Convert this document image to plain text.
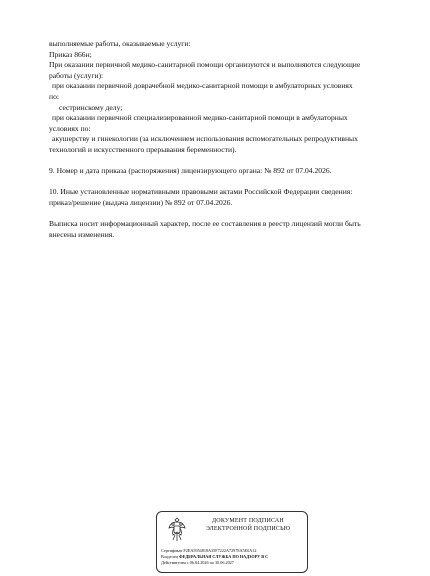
выполняемые работы, оказываемые услуги:

Приказ 866н;

При оказании первичной медико-санитарной помощи организуются и выполняются следующие

работы (услуги):

при оказании первичной доврачебной медико-санитарной помощи в амбулаторных условиях

по:

сестринскому делу;

при оказании первичной специализированной медико-санитарной помощи в амбулаторных

условиях по:

акушерству и гинекологии (за исключением использования вспомогательных репродуктивных

технологий и искусственного прерывания беременности).

9. Номер и дата приказа (распоряжения) лицензирующего органа: № 892 от 07.04.2026.

10. Иные установленные нормативными правовыми актами Российской Федерации сведения:

приказ/решение (выдача лицензии) № 892 от 07.04.2026.

Выписка носит информационный характер, после ее составления в реестр лицензий могли быть

внесены изменения.

ДОКУМЕНТ ПОДПИСАН
ЭЛЕКТРОННОЙ ПОДПИСЬЮ
Сертификат F2EA5954818A35F7222A72978A5E0A12
Владелец ФЕДЕРАЛЬНАЯ СЛУЖБА ПО НАДЗОРУ В С
Действителен с 06.04.2026 по 30.06.2027
